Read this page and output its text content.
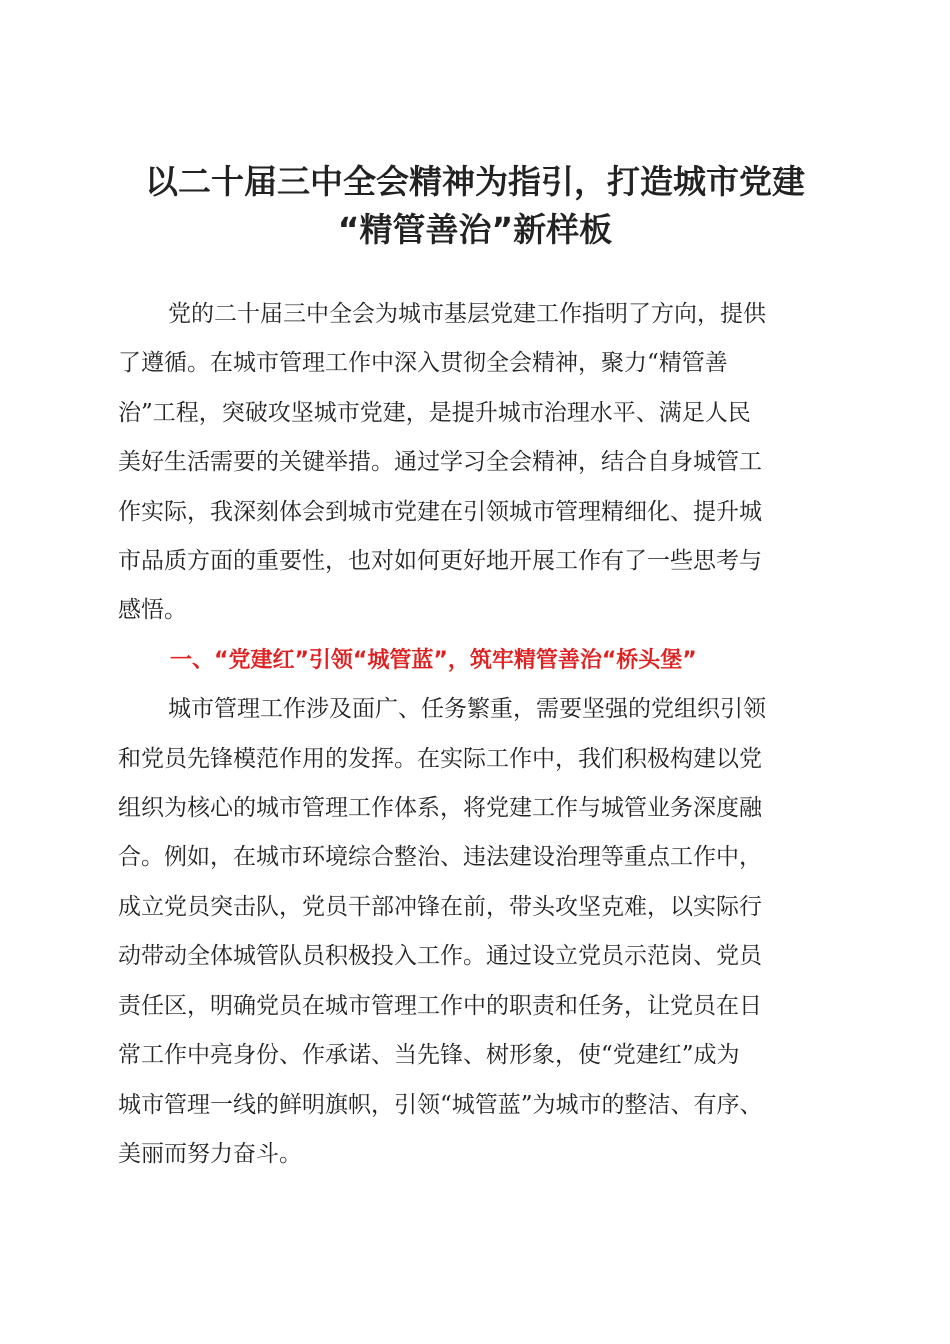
以二十届三中全会精神为指引，打造城市党建
“精管善治”新样板

党的二十届三中全会为城市基层党建工作指明了方向，提供
了遵循。在城市管理工作中深入贯彻全会精神，聚力“精管善
治”工程，突破攻坚城市党建，是提升城市治理水平、满足人民
美好生活需要的关键举措。通过学习全会精神，结合自身城管工
作实际，我深刻体会到城市党建在引领城市管理精细化、提升城
市品质方面的重要性，也对如何更好地开展工作有了一些思考与
感悟。

一、“党建红”引领“城管蓝”，筑牢精管善治“桥头堡”

城市管理工作涉及面广、任务繁重，需要坚强的党组织引领
和党员先锋模范作用的发挥。在实际工作中，我们积极构建以党
组织为核心的城市管理工作体系，将党建工作与城管业务深度融
合。例如，在城市环境综合整治、违法建设治理等重点工作中，
成立党员突击队，党员干部冲锋在前，带头攻坚克难，以实际行
动带动全体城管队员积极投入工作。通过设立党员示范岗、党员
责任区，明确党员在城市管理工作中的职责和任务，让党员在日
常工作中亮身份、作承诺、当先锋、树形象，使“党建红”成为
城市管理一线的鲜明旗帜，引领“城管蓝”为城市的整洁、有序、
美丽而努力奋斗。
